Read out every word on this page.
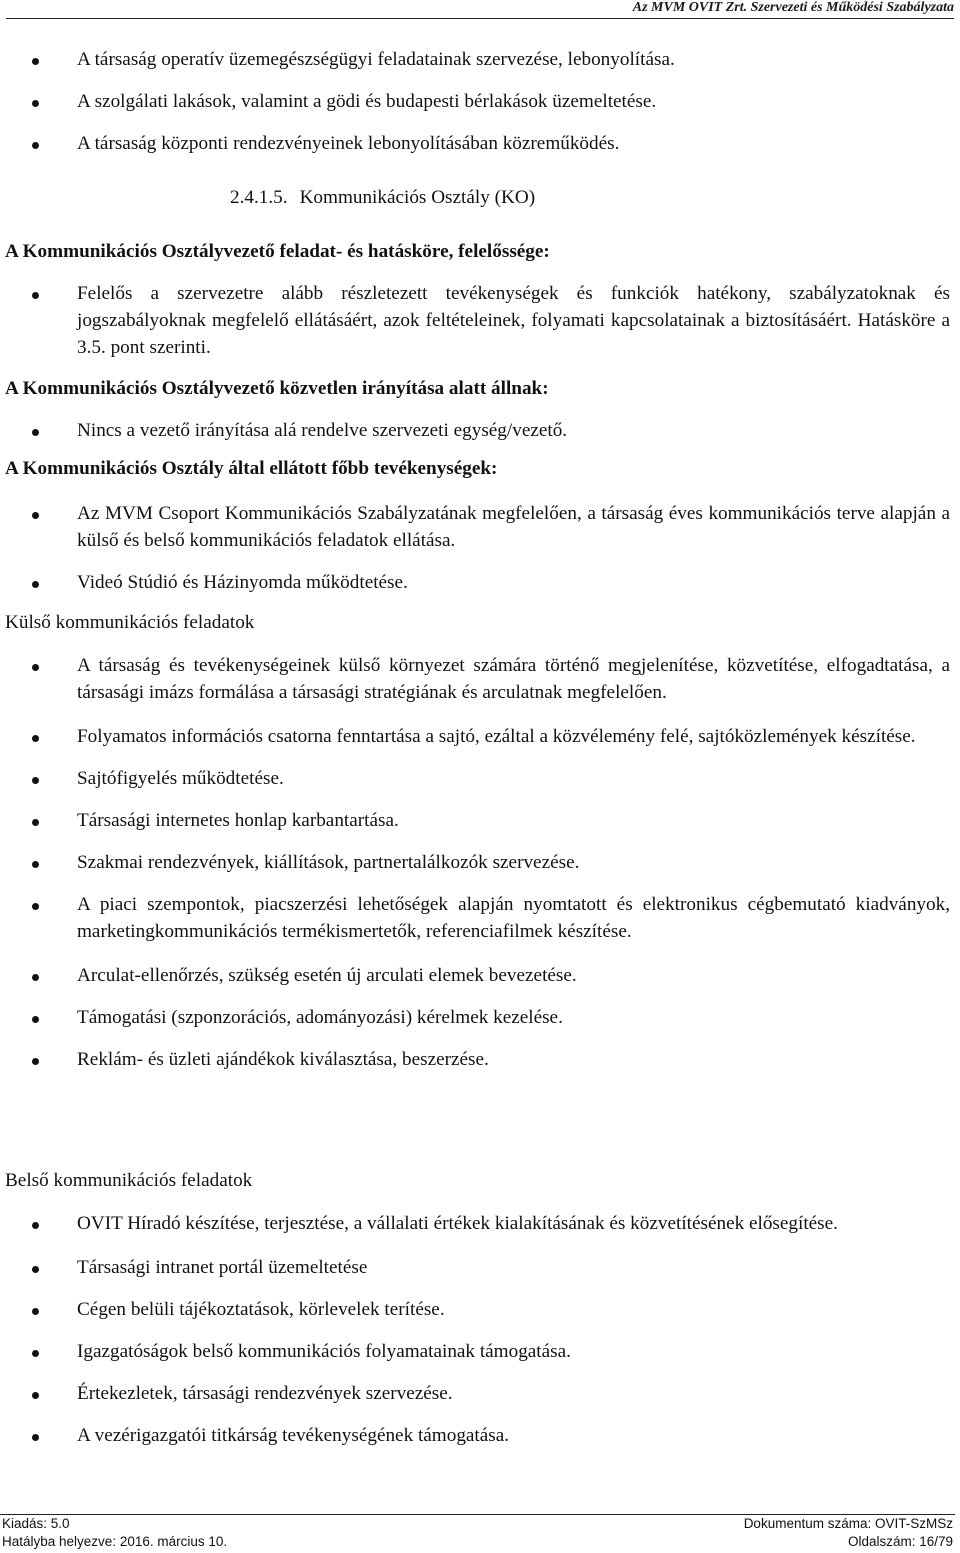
Az MVM OVIT Zrt. Szervezeti és Működési Szabályzata
A társaság operatív üzemegészségügyi feladatainak szervezése, lebonyolítása.
A szolgálati lakások, valamint a gödi és budapesti bérlakások üzemeltetése.
A társaság központi rendezvényeinek lebonyolításában közreműködés.
2.4.1.5. Kommunikációs Osztály (KO)
A Kommunikációs Osztályvezető feladat- és hatásköre, felelőssége:
Felelős a szervezetre alább részletezett tevékenységek és funkciók hatékony, szabályzatoknak és jogszabályoknak megfelelő ellátásáért, azok feltételeinek, folyamati kapcsolatainak a biztosításáért. Hatásköre a 3.5. pont szerinti.
A Kommunikációs Osztályvezető közvetlen irányítása alatt állnak:
Nincs a vezető irányítása alá rendelve szervezeti egység/vezető.
A Kommunikációs Osztály által ellátott főbb tevékenységek:
Az MVM Csoport Kommunikációs Szabályzatának megfelelően, a társaság éves kommunikációs terve alapján a külső és belső kommunikációs feladatok ellátása.
Videó Stúdió és Házinyomda működtetése.
Külső kommunikációs feladatok
A társaság és tevékenységeinek külső környezet számára történő megjelenítése, közvetítése, elfogadtatása, a társasági imázs formálása a társasági stratégiának és arculatnak megfelelően.
Folyamatos információs csatorna fenntartása a sajtó, ezáltal a közvélemény felé, sajtóközlemények készítése.
Sajtófigyelés működtetése.
Társasági internetes honlap karbantartása.
Szakmai rendezvények, kiállítások, partnertalálkozók szervezése.
A piaci szempontok, piacszerzési lehetőségek alapján nyomtatott és elektronikus cégbemutató kiadványok, marketingkommunikációs termékismertetők, referenciafilmek készítése.
Arculat-ellenőrzés, szükség esetén új arculati elemek bevezetése.
Támogatási (szponzorációs, adományozási) kérelmek kezelése.
Reklám- és üzleti ajándékok kiválasztása, beszerzése.
Belső kommunikációs feladatok
OVIT Híradó készítése, terjesztése, a vállalati értékek kialakításának és közvetítésének elősegítése.
Társasági intranet portál üzemeltetése
Cégen belüli tájékoztatások, körlevelek terítése.
Igazgatóságok belső kommunikációs folyamatainak támogatása.
Értekezletek, társasági rendezvények szervezése.
A vezérigazgatói titkárság tevékenységének támogatása.
Kiadás: 5.0	Dokumentum száma: OVIT-SzMSz
Hatályba helyezve: 2016. március 10.	Oldalszám: 16/79
